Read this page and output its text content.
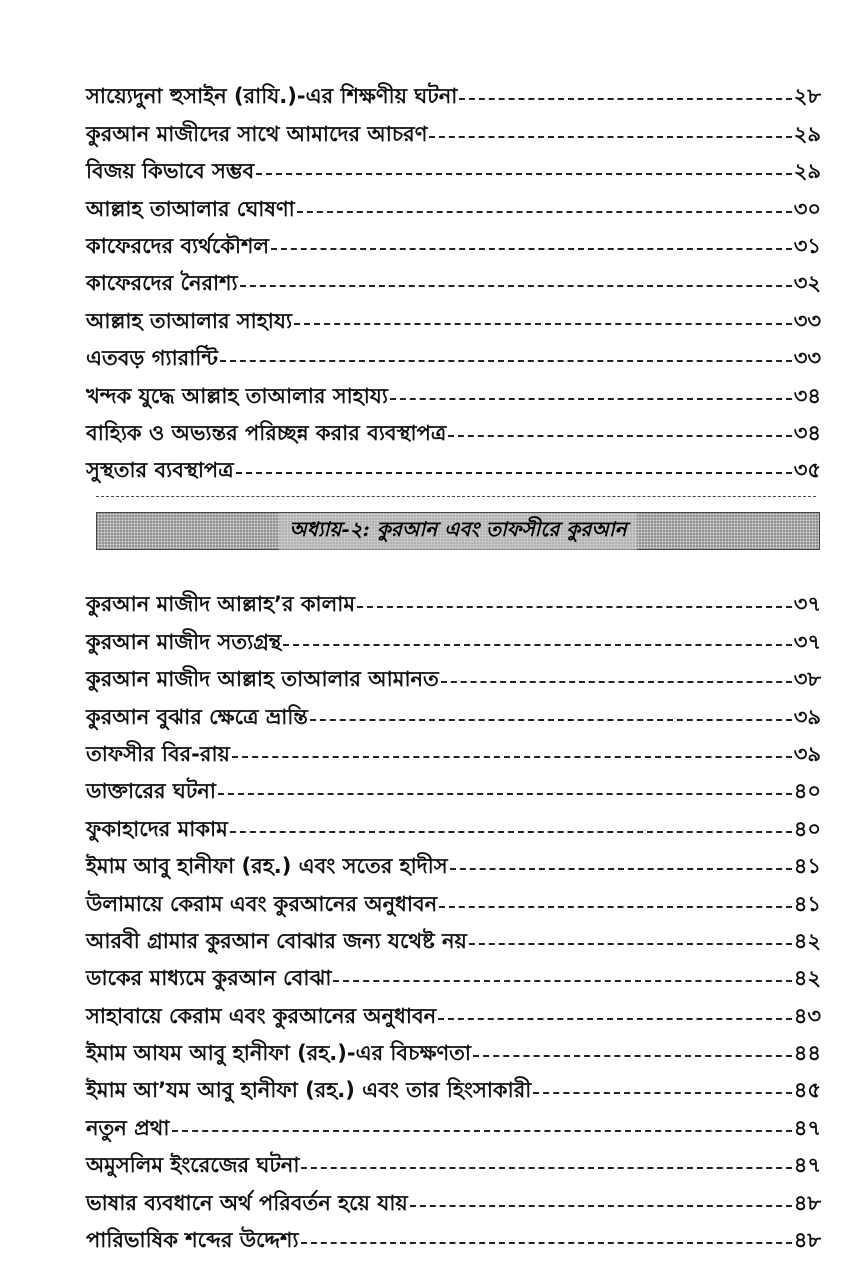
সায়্যেদুনা হুসাইন (রাযি.)-এর শিক্ষণীয় ঘটনা	২৮
কুরআন মাজীদের সাথে আমাদের আচরণ	২৯
বিজয় কিভাবে সম্ভব	২৯
আল্লাহ তাআলার ঘোষণা	৩০
কাফেরদের ব্যর্থকৌশল	৩১
কাফেরদের নৈরাশ্য	৩২
আল্লাহ তাআলার সাহায্য	৩৩
এতবড় গ্যারান্টি	৩৩
খন্দক যুদ্ধে আল্লাহ তাআলার সাহায্য	৩৪
বাহ্যিক ও অভ্যন্তর পরিচ্ছন্ন করার ব্যবস্থাপত্র	৩৪
সুস্থতার ব্যবস্থাপত্র	৩৫
অধ্যায়-২: কুরআন এবং তাফসীরে কুরআন
কুরআন মাজীদ আল্লাহ’র কালাম	৩৭
কুরআন মাজীদ সত্যগ্রন্থ	৩৭
কুরআন মাজীদ আল্লাহ তাআলার আমানত	৩৮
কুরআন বুঝার ক্ষেত্রে ভ্রান্তি	৩৯
তাফসীর বির-রায়	৩৯
ডাক্তারের ঘটনা	৪০
ফুকাহাদের মাকাম	৪০
ইমাম আবু হানীফা (রহ.) এবং সতের হাদীস	৪১
উলামায়ে কেরাম এবং কুরআনের অনুধাবন	৪১
আরবী গ্রামার কুরআন বোঝার জন্য যথেষ্ট নয়	৪২
ডাকের মাধ্যমে কুরআন বোঝা	৪২
সাহাবায়ে কেরাম এবং কুরআনের অনুধাবন	৪৩
ইমাম আযম আবু হানীফা (রহ.)-এর বিচক্ষণতা	৪৪
ইমাম আ’যম আবু হানীফা (রহ.) এবং তার হিংসাকারী	৪৫
নতুন প্রথা	৪৭
অমুসলিম ইংরেজের ঘটনা	৪৭
ভাষার ব্যবধানে অর্থ পরিবর্তন হয়ে যায়	৪৮
পারিভাষিক শব্দের উদ্দেশ্য	৪৮
